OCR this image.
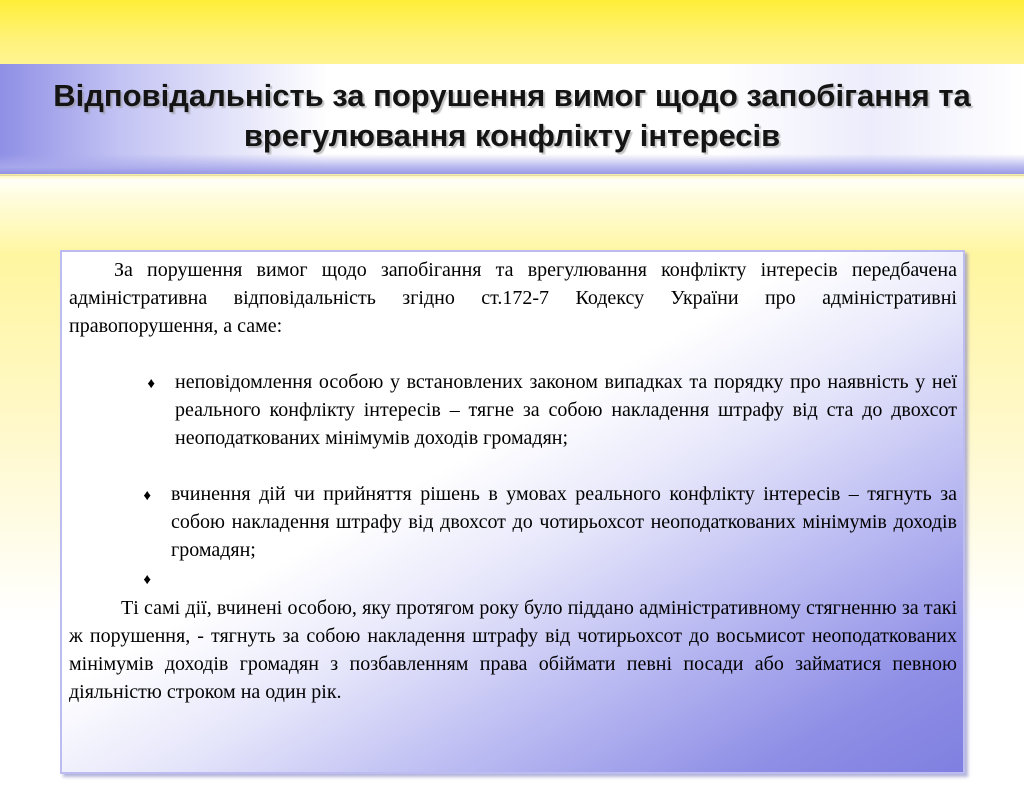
Відповідальність за порушення вимог щодо запобігання та врегулювання конфлікту інтересів

За порушення вимог щодо запобігання та врегулювання конфлікту інтересів передбачена адміністративна відповідальність згідно ст.172-7 Кодексу України про адміністративні правопорушення, а саме:

♦	неповідомлення особою у встановлених законом випадках та порядку про наявність у неї реального конфлікту інтересів – тягне за собою накладення штрафу від ста до двохсот неоподаткованих мінімумів доходів громадян;

♦	вчинення дій чи прийняття рішень в умовах реального конфлікту інтересів – тягнуть за собою накладення штрафу від двохсот до чотирьохсот неоподаткованих мінімумів доходів громадян;

♦

Ті самі дії, вчинені особою, яку протягом року було піддано адміністративному стягненню за такі ж порушення, - тягнуть за собою накладення штрафу від чотирьохсот до восьмисот неоподаткованих мінімумів доходів громадян з позбавленням права обіймати певні посади або займатися певною діяльністю строком на один рік.
